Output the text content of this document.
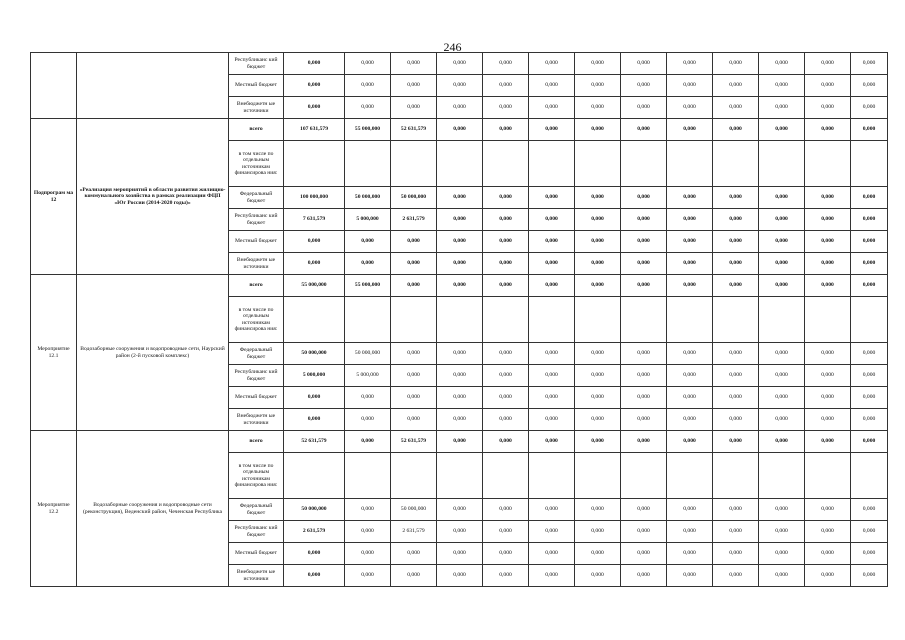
246
		Республиканс кий бюджет	0,000	0,000	0,000	0,000	0,000	0,000	0,000	0,000	0,000	0,000	0,000	0,000	0,000
		Местный бюджет	0,000	0,000	0,000	0,000	0,000	0,000	0,000	0,000	0,000	0,000	0,000	0,000	0,000
		Внебюджетн ые источники	0,000	0,000	0,000	0,000	0,000	0,000	0,000	0,000	0,000	0,000	0,000	0,000	0,000
Подпрограм ма 12	«Реализация мероприятий в области развития жилищно-коммунального хозяйства в рамках реализации ФЦП «Юг России (2014-2020 годы)»	всего	107 631,579	55 000,000	52 631,579	0,000	0,000	0,000	0,000	0,000	0,000	0,000	0,000	0,000	0,000
		в том числе по отдельным источникам финансирова ния:													
		Федеральный бюджет	100 000,000	50 000,000	50 000,000	0,000	0,000	0,000	0,000	0,000	0,000	0,000	0,000	0,000	0,000
		Республиканс кий бюджет	7 631,579	5 000,000	2 631,579	0,000	0,000	0,000	0,000	0,000	0,000	0,000	0,000	0,000	0,000
		Местный бюджет	0,000	0,000	0,000	0,000	0,000	0,000	0,000	0,000	0,000	0,000	0,000	0,000	0,000
		Внебюджетн ые источники	0,000	0,000	0,000	0,000	0,000	0,000	0,000	0,000	0,000	0,000	0,000	0,000	0,000
Мероприятие 12.1	Водозаборные сооружения и водопроводные сети, Наурский район (2-й пусковой комплекс)	всего	55 000,000	55 000,000	0,000	0,000	0,000	0,000	0,000	0,000	0,000	0,000	0,000	0,000	0,000
		в том числе по отдельным источникам финансирова ния:													
		Федеральный бюджет	50 000,000	50 000,000	0,000	0,000	0,000	0,000	0,000	0,000	0,000	0,000	0,000	0,000	0,000
		Республиканс кий бюджет	5 000,000	5 000,000	0,000	0,000	0,000	0,000	0,000	0,000	0,000	0,000	0,000	0,000	0,000
		Местный бюджет	0,000	0,000	0,000	0,000	0,000	0,000	0,000	0,000	0,000	0,000	0,000	0,000	0,000
		Внебюджетн ые источники	0,000	0,000	0,000	0,000	0,000	0,000	0,000	0,000	0,000	0,000	0,000	0,000	0,000
Мероприятие 12.2	Водозаборные сооружения и водопроводные сети (реконструкция), Веденский район, Чеченская Республика	всего	52 631,579	0,000	52 631,579	0,000	0,000	0,000	0,000	0,000	0,000	0,000	0,000	0,000	0,000
		в том числе по отдельным источникам финансирова ния:													
		Федеральный бюджет	50 000,000	0,000	50 000,000	0,000	0,000	0,000	0,000	0,000	0,000	0,000	0,000	0,000	0,000
		Республиканс кий бюджет	2 631,579	0,000	2 631,579	0,000	0,000	0,000	0,000	0,000	0,000	0,000	0,000	0,000	0,000
		Местный бюджет	0,000	0,000	0,000	0,000	0,000	0,000	0,000	0,000	0,000	0,000	0,000	0,000	0,000
		Внебюджетн ые источники	0,000	0,000	0,000	0,000	0,000	0,000	0,000	0,000	0,000	0,000	0,000	0,000	0,000
